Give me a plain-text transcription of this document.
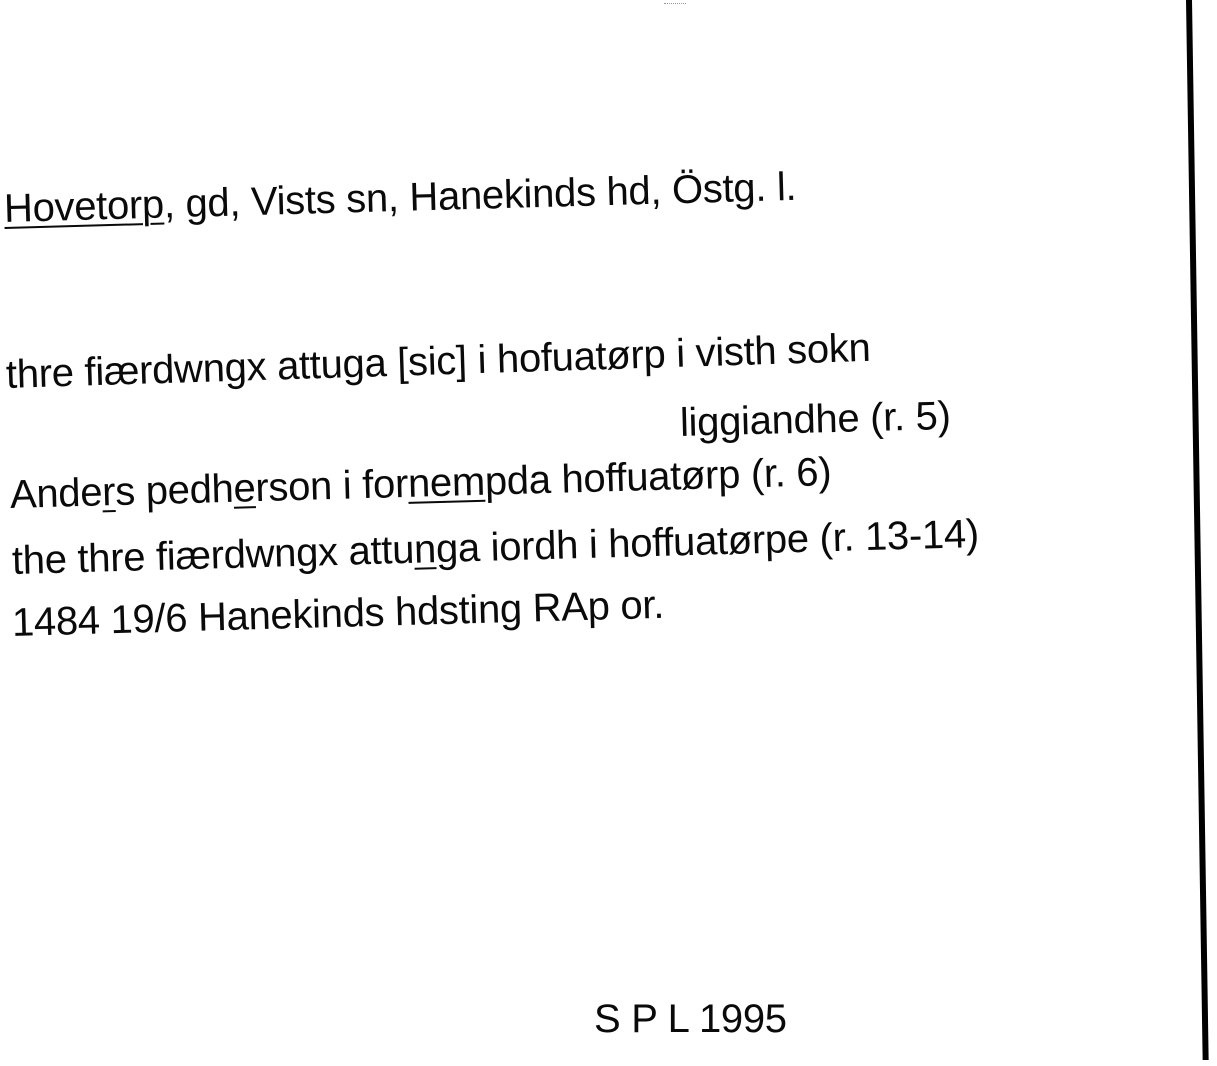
Hovetorp, gd, Vists sn, Hanekinds hd, Östg. l.
thre fiærdwngx attuga [sic] i hofuatørp i visth sokn
liggiandhe (r. 5)
Anders pedherson i fornempda hoffuatørp (r. 6)
the thre fiærdwngx attunga iordh i hoffuatørpe (r. 13-14)
1484 19/6 Hanekinds hdsting RAp or.
S P L 1995
